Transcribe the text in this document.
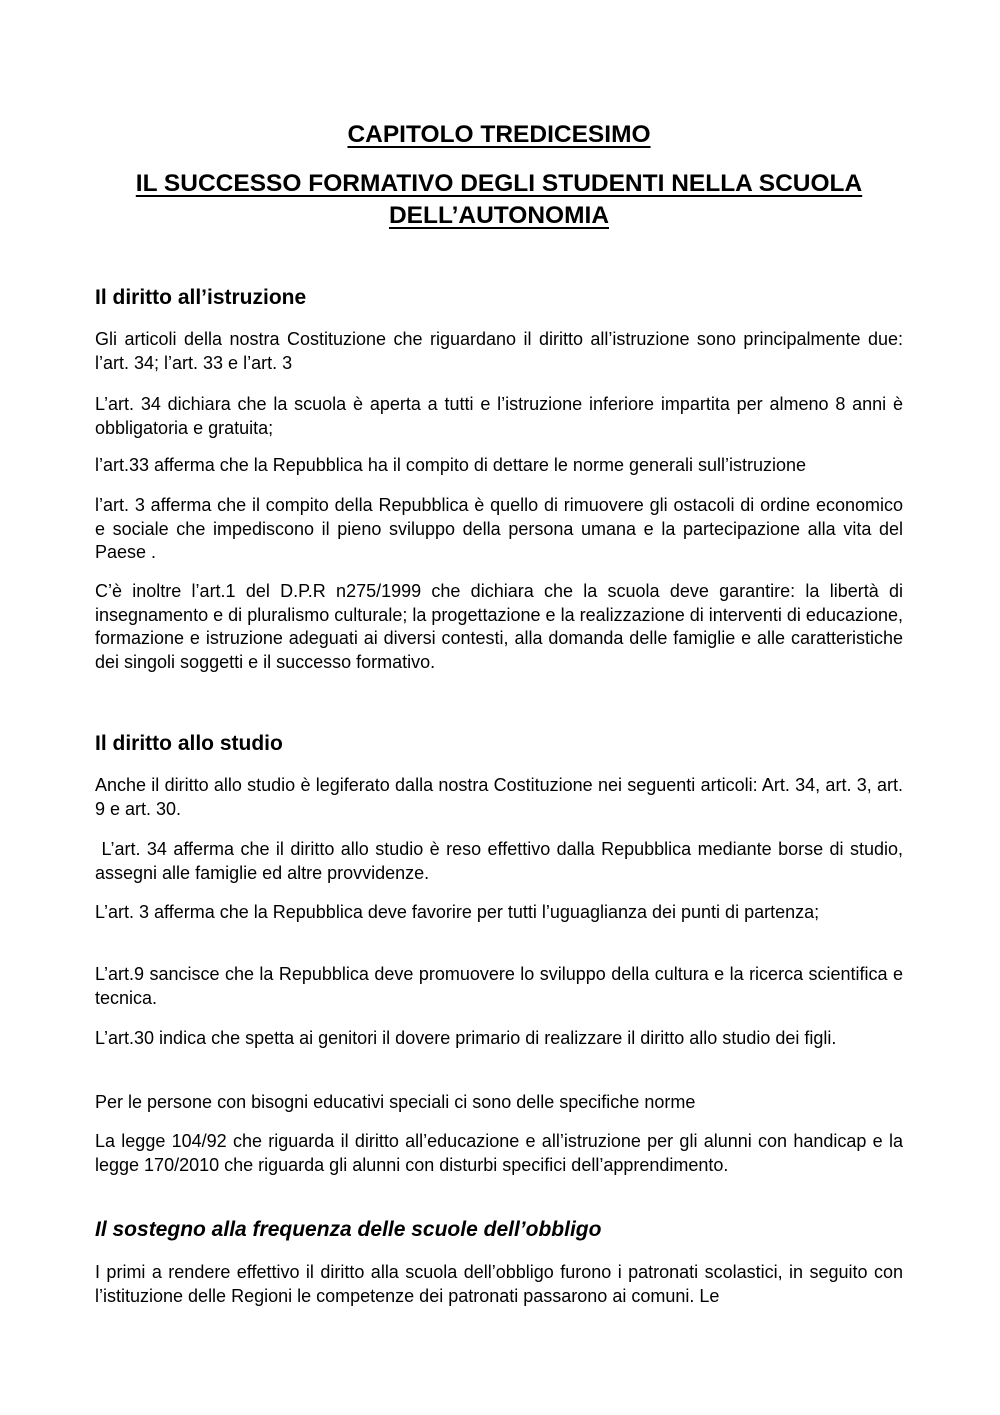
CAPITOLO TREDICESIMO
IL SUCCESSO FORMATIVO DEGLI STUDENTI NELLA SCUOLA DELL’AUTONOMIA
Il diritto all’istruzione

Gli articoli della nostra Costituzione che riguardano il diritto all’istruzione sono principalmente due: l’art. 34; l’art. 33 e l’art. 3

L’art. 34 dichiara che la scuola è aperta a tutti e l’istruzione inferiore impartita per almeno 8 anni è obbligatoria e gratuita;

l’art.33 afferma che la Repubblica ha il compito di dettare le norme generali sull’istruzione

l’art. 3 afferma che il compito della Repubblica è quello di rimuovere gli ostacoli di ordine economico e sociale che impediscono il pieno sviluppo della persona umana e la partecipazione alla vita del Paese .

C’è inoltre l’art.1 del D.P.R n275/1999 che dichiara che la scuola deve garantire: la libertà di insegnamento e di pluralismo culturale; la progettazione e la realizzazione di interventi di educazione, formazione e istruzione adeguati ai diversi contesti, alla domanda delle famiglie e alle caratteristiche dei singoli soggetti e il successo formativo.

Il diritto allo studio

Anche il diritto allo studio è legiferato dalla nostra Costituzione nei seguenti articoli: Art. 34, art. 3, art. 9 e art. 30.

L’art. 34 afferma che il diritto allo studio è reso effettivo dalla Repubblica mediante borse di studio, assegni alle famiglie ed altre provvidenze.

L’art. 3 afferma che la Repubblica deve favorire per tutti l’uguaglianza dei punti di partenza;

L’art.9 sancisce che la Repubblica deve promuovere lo sviluppo della cultura e la ricerca scientifica e tecnica.

L’art.30 indica che spetta ai genitori il dovere primario di realizzare il diritto allo studio dei figli.

Per le persone con bisogni educativi speciali ci sono delle specifiche norme

La legge 104/92 che riguarda il diritto all’educazione e all’istruzione per gli alunni con handicap e la legge 170/2010 che riguarda gli alunni con disturbi specifici dell’apprendimento.

Il sostegno alla frequenza delle scuole dell’obbligo

I primi a rendere effettivo il diritto alla scuola dell’obbligo furono i patronati scolastici, in seguito con l’istituzione delle Regioni le competenze dei patronati passarono ai comuni. Le
